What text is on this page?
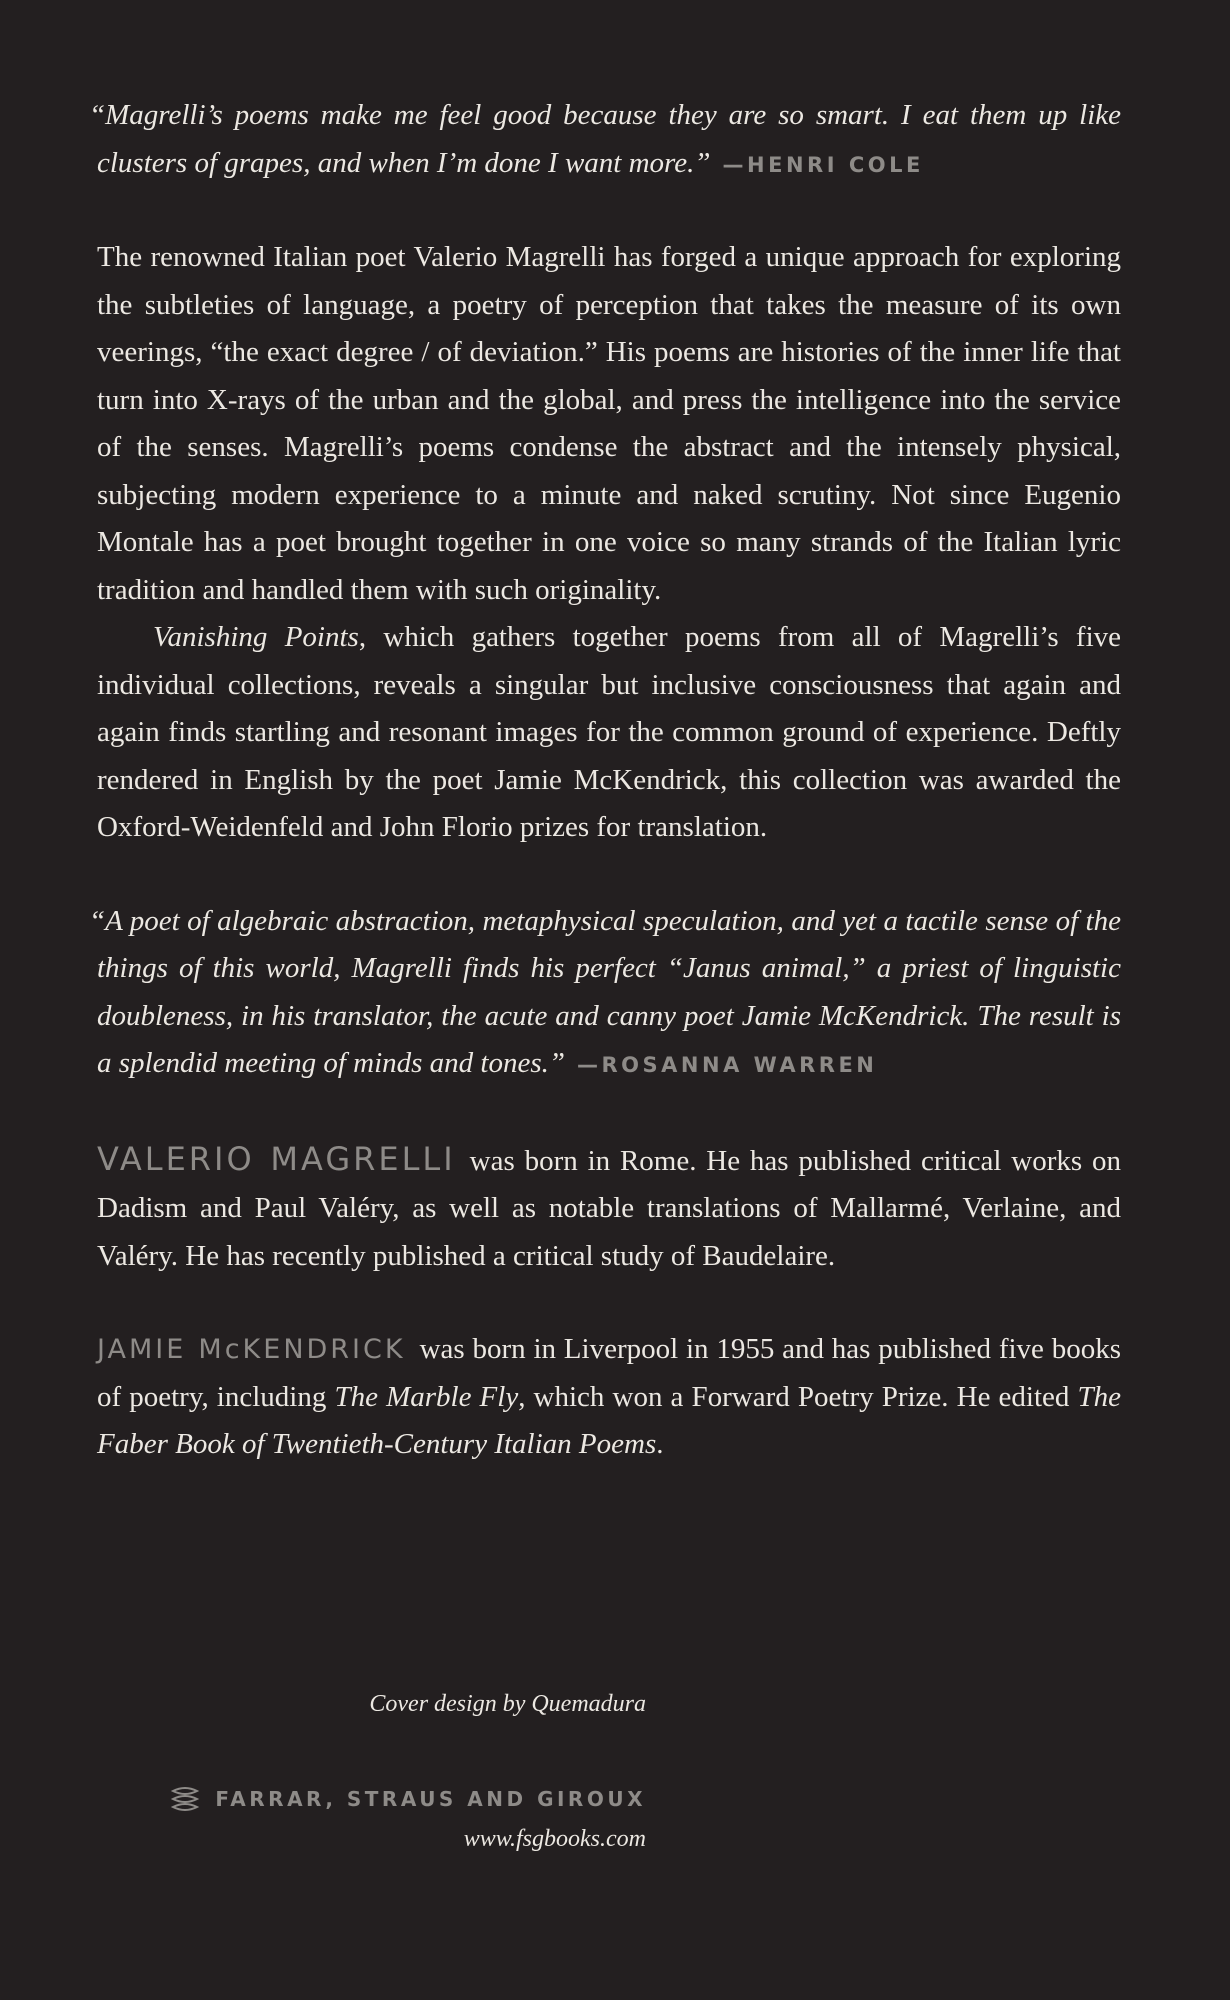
“Magrelli’s poems make me feel good because they are so smart. I eat them up like clusters of grapes, and when I’m done I want more.” —HENRI COLE

The renowned Italian poet Valerio Magrelli has forged a unique approach for exploring the subtleties of language, a poetry of perception that takes the measure of its own veerings, “the exact degree / of deviation.” His poems are histories of the inner life that turn into X-rays of the urban and the global, and press the intelligence into the service of the senses. Magrelli’s poems condense the abstract and the intensely physical, subjecting modern experience to a minute and naked scrutiny. Not since Eugenio Montale has a poet brought together in one voice so many strands of the Italian lyric tradition and handled them with such originality.

Vanishing Points, which gathers together poems from all of Magrelli’s five individual collections, reveals a singular but inclusive consciousness that again and again finds startling and resonant images for the common ground of experience. Deftly rendered in English by the poet Jamie McKendrick, this collection was awarded the Oxford-Weidenfeld and John Florio prizes for translation.

“A poet of algebraic abstraction, metaphysical speculation, and yet a tactile sense of the things of this world, Magrelli finds his perfect “Janus animal,” a priest of linguistic doubleness, in his translator, the acute and canny poet Jamie McKendrick. The result is a splendid meeting of minds and tones.” —ROSANNA WARREN

VALERIO MAGRELLI was born in Rome. He has published critical works on Dadism and Paul Valéry, as well as notable translations of Mallarmé, Verlaine, and Valéry. He has recently published a critical study of Baudelaire.

JAMIE McKENDRICK was born in Liverpool in 1955 and has published five books of poetry, including The Marble Fly, which won a Forward Poetry Prize. He edited The Faber Book of Twentieth-Century Italian Poems.

Cover design by Quemadura
FARRAR, STRAUS AND GIROUX
www.fsgbooks.com
